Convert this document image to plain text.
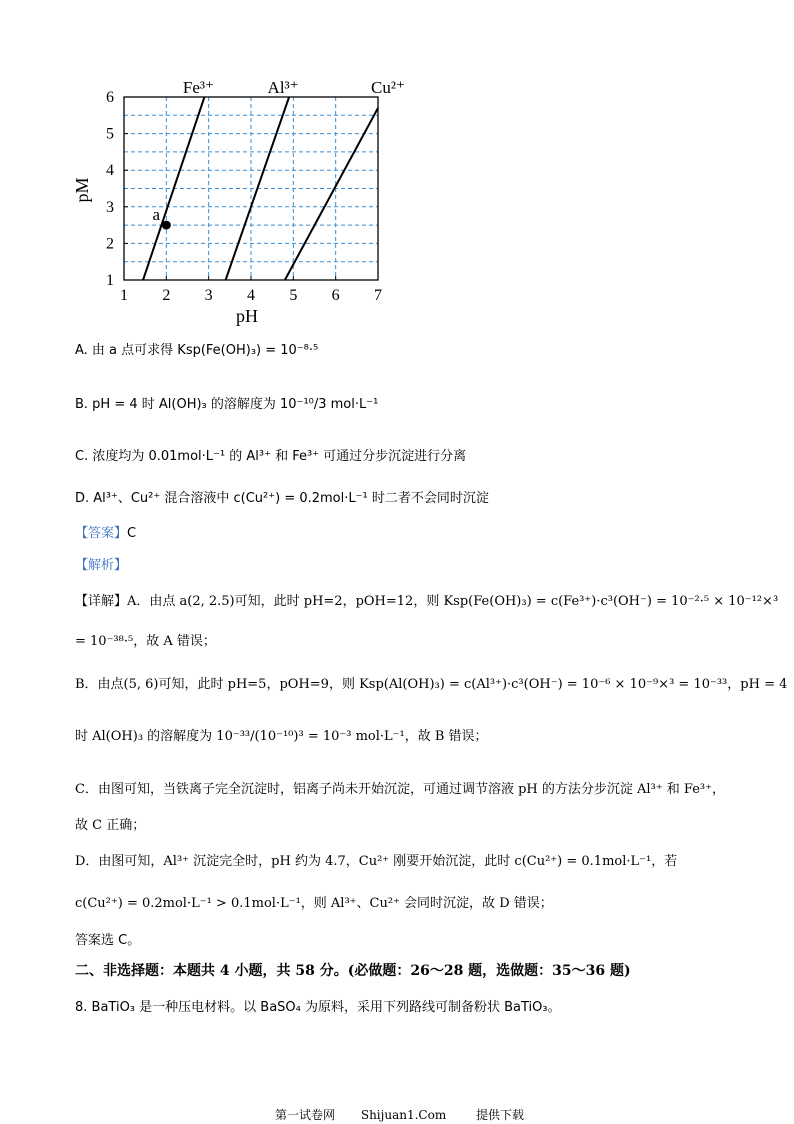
Fe³⁺	Al³⁺	Cu²⁺
a
1 2 3 4 5 6 7
1
2
3
4
5
6
pM
pH
A. 由 a 点可求得 Ksp(Fe(OH)₃) = 10⁻⁸·⁵
B. pH = 4 时 Al(OH)₃ 的溶解度为 10⁻¹⁰/3 mol·L⁻¹
C. 浓度均为 0.01mol·L⁻¹ 的 Al³⁺ 和 Fe³⁺ 可通过分步沉淀进行分离
D. Al³⁺、Cu²⁺ 混合溶液中 c(Cu²⁺) = 0.2mol·L⁻¹ 时二者不会同时沉淀
【答案】C
【解析】
【详解】A．由点 a(2, 2.5)可知，此时 pH=2，pOH=12，则 Ksp(Fe(OH)₃) = c(Fe³⁺)·c³(OH⁻) = 10⁻²·⁵ × 10⁻¹²×³
= 10⁻³⁸·⁵，故 A 错误；
B．由点(5, 6)可知，此时 pH=5，pOH=9，则 Ksp(Al(OH)₃) = c(Al³⁺)·c³(OH⁻) = 10⁻⁶ × 10⁻⁹×³ = 10⁻³³，pH = 4
时 Al(OH)₃ 的溶解度为 10⁻³³/(10⁻¹⁰)³ = 10⁻³ mol·L⁻¹，故 B 错误；
C．由图可知，当铁离子完全沉淀时，铝离子尚未开始沉淀，可通过调节溶液 pH 的方法分步沉淀 Al³⁺ 和 Fe³⁺，
故 C 正确；
D．由图可知，Al³⁺ 沉淀完全时，pH 约为 4.7，Cu²⁺ 刚要开始沉淀，此时 c(Cu²⁺) = 0.1mol·L⁻¹，若
c(Cu²⁺) = 0.2mol·L⁻¹ > 0.1mol·L⁻¹，则 Al³⁺、Cu²⁺ 会同时沉淀，故 D 错误；
答案选 C。
二、非选择题：本题共 4 小题，共 58 分。(必做题：26～28 题，选做题：35～36 题)
8. BaTiO₃ 是一种压电材料。以 BaSO₄ 为原料，采用下列路线可制备粉状 BaTiO₃。
第一试卷网 Shijuan1.Com 提供下载
